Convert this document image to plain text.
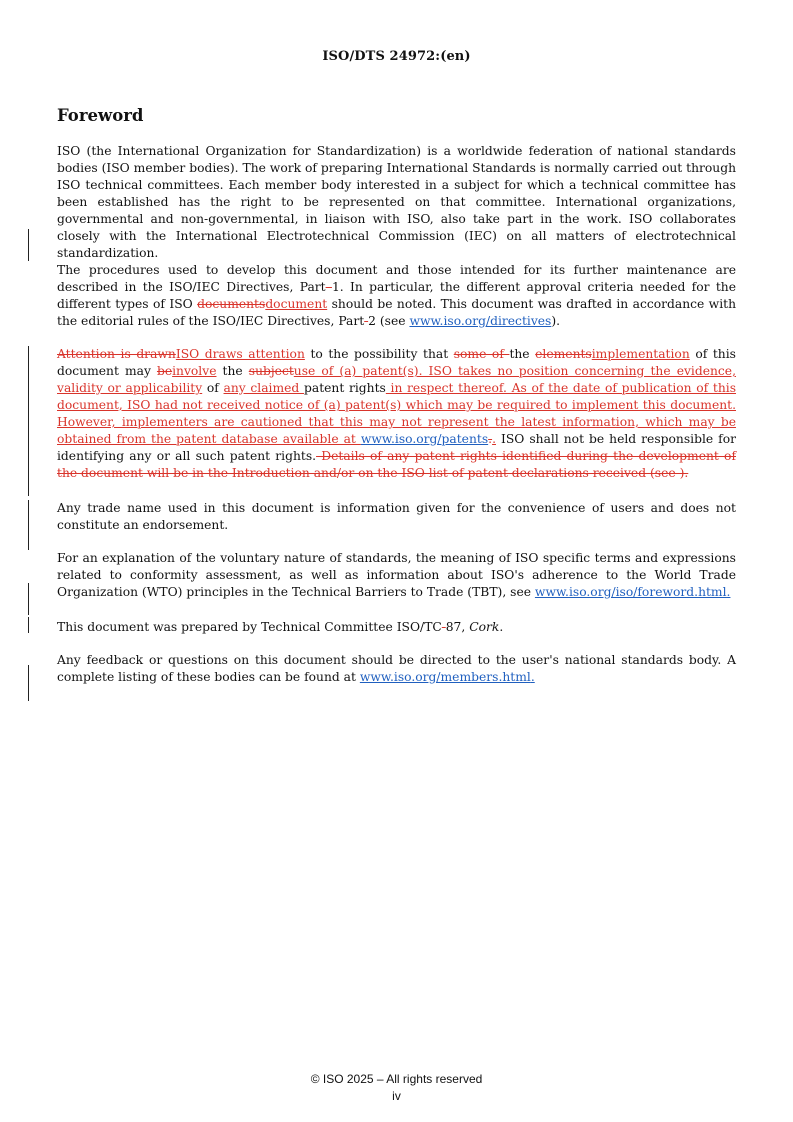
ISO/DTS 24972:(en)
Foreword

ISO (the International Organization for Standardization) is a worldwide federation of national standards bodies (ISO member bodies). The work of preparing International Standards is normally carried out through ISO technical committees. Each member body interested in a subject for which a technical committee has been established has the right to be represented on that committee. International organizations, governmental and non-governmental, in liaison with ISO, also take part in the work. ISO collaborates closely with the International Electrotechnical Commission (IEC) on all matters of electrotechnical standardization.

The procedures used to develop this document and those intended for its further maintenance are described in the ISO/IEC Directives, Part 1. In particular, the different approval criteria needed for the different types of ISO documentsdocument should be noted. This document was drafted in accordance with the editorial rules of the ISO/IEC Directives, Part 2 (see www.iso.org/directives).

Attention is drawnISO draws attention to the possibility that some of the elementsimplementation of this document may beinvolve the subjectuse of (a) patent(s). ISO takes no position concerning the evidence, validity or applicability of any claimed patent rights in respect thereof. As of the date of publication of this document, ISO had not received notice of (a) patent(s) which may be required to implement this document. However, implementers are cautioned that this may not represent the latest information, which may be obtained from the patent database available at www.iso.org/patents.. ISO shall not be held responsible for identifying any or all such patent rights. Details of any patent rights identified during the development of the document will be in the Introduction and/or on the ISO list of patent declarations received (see ).

Any trade name used in this document is information given for the convenience of users and does not constitute an endorsement.

For an explanation of the voluntary nature of standards, the meaning of ISO specific terms and expressions related to conformity assessment, as well as information about ISO's adherence to the World Trade Organization (WTO) principles in the Technical Barriers to Trade (TBT), see www.iso.org/iso/foreword.html.

This document was prepared by Technical Committee ISO/TC 87, Cork.

Any feedback or questions on this document should be directed to the user's national standards body. A complete listing of these bodies can be found at www.iso.org/members.html.

© ISO 2025 – All rights reserved
iv
